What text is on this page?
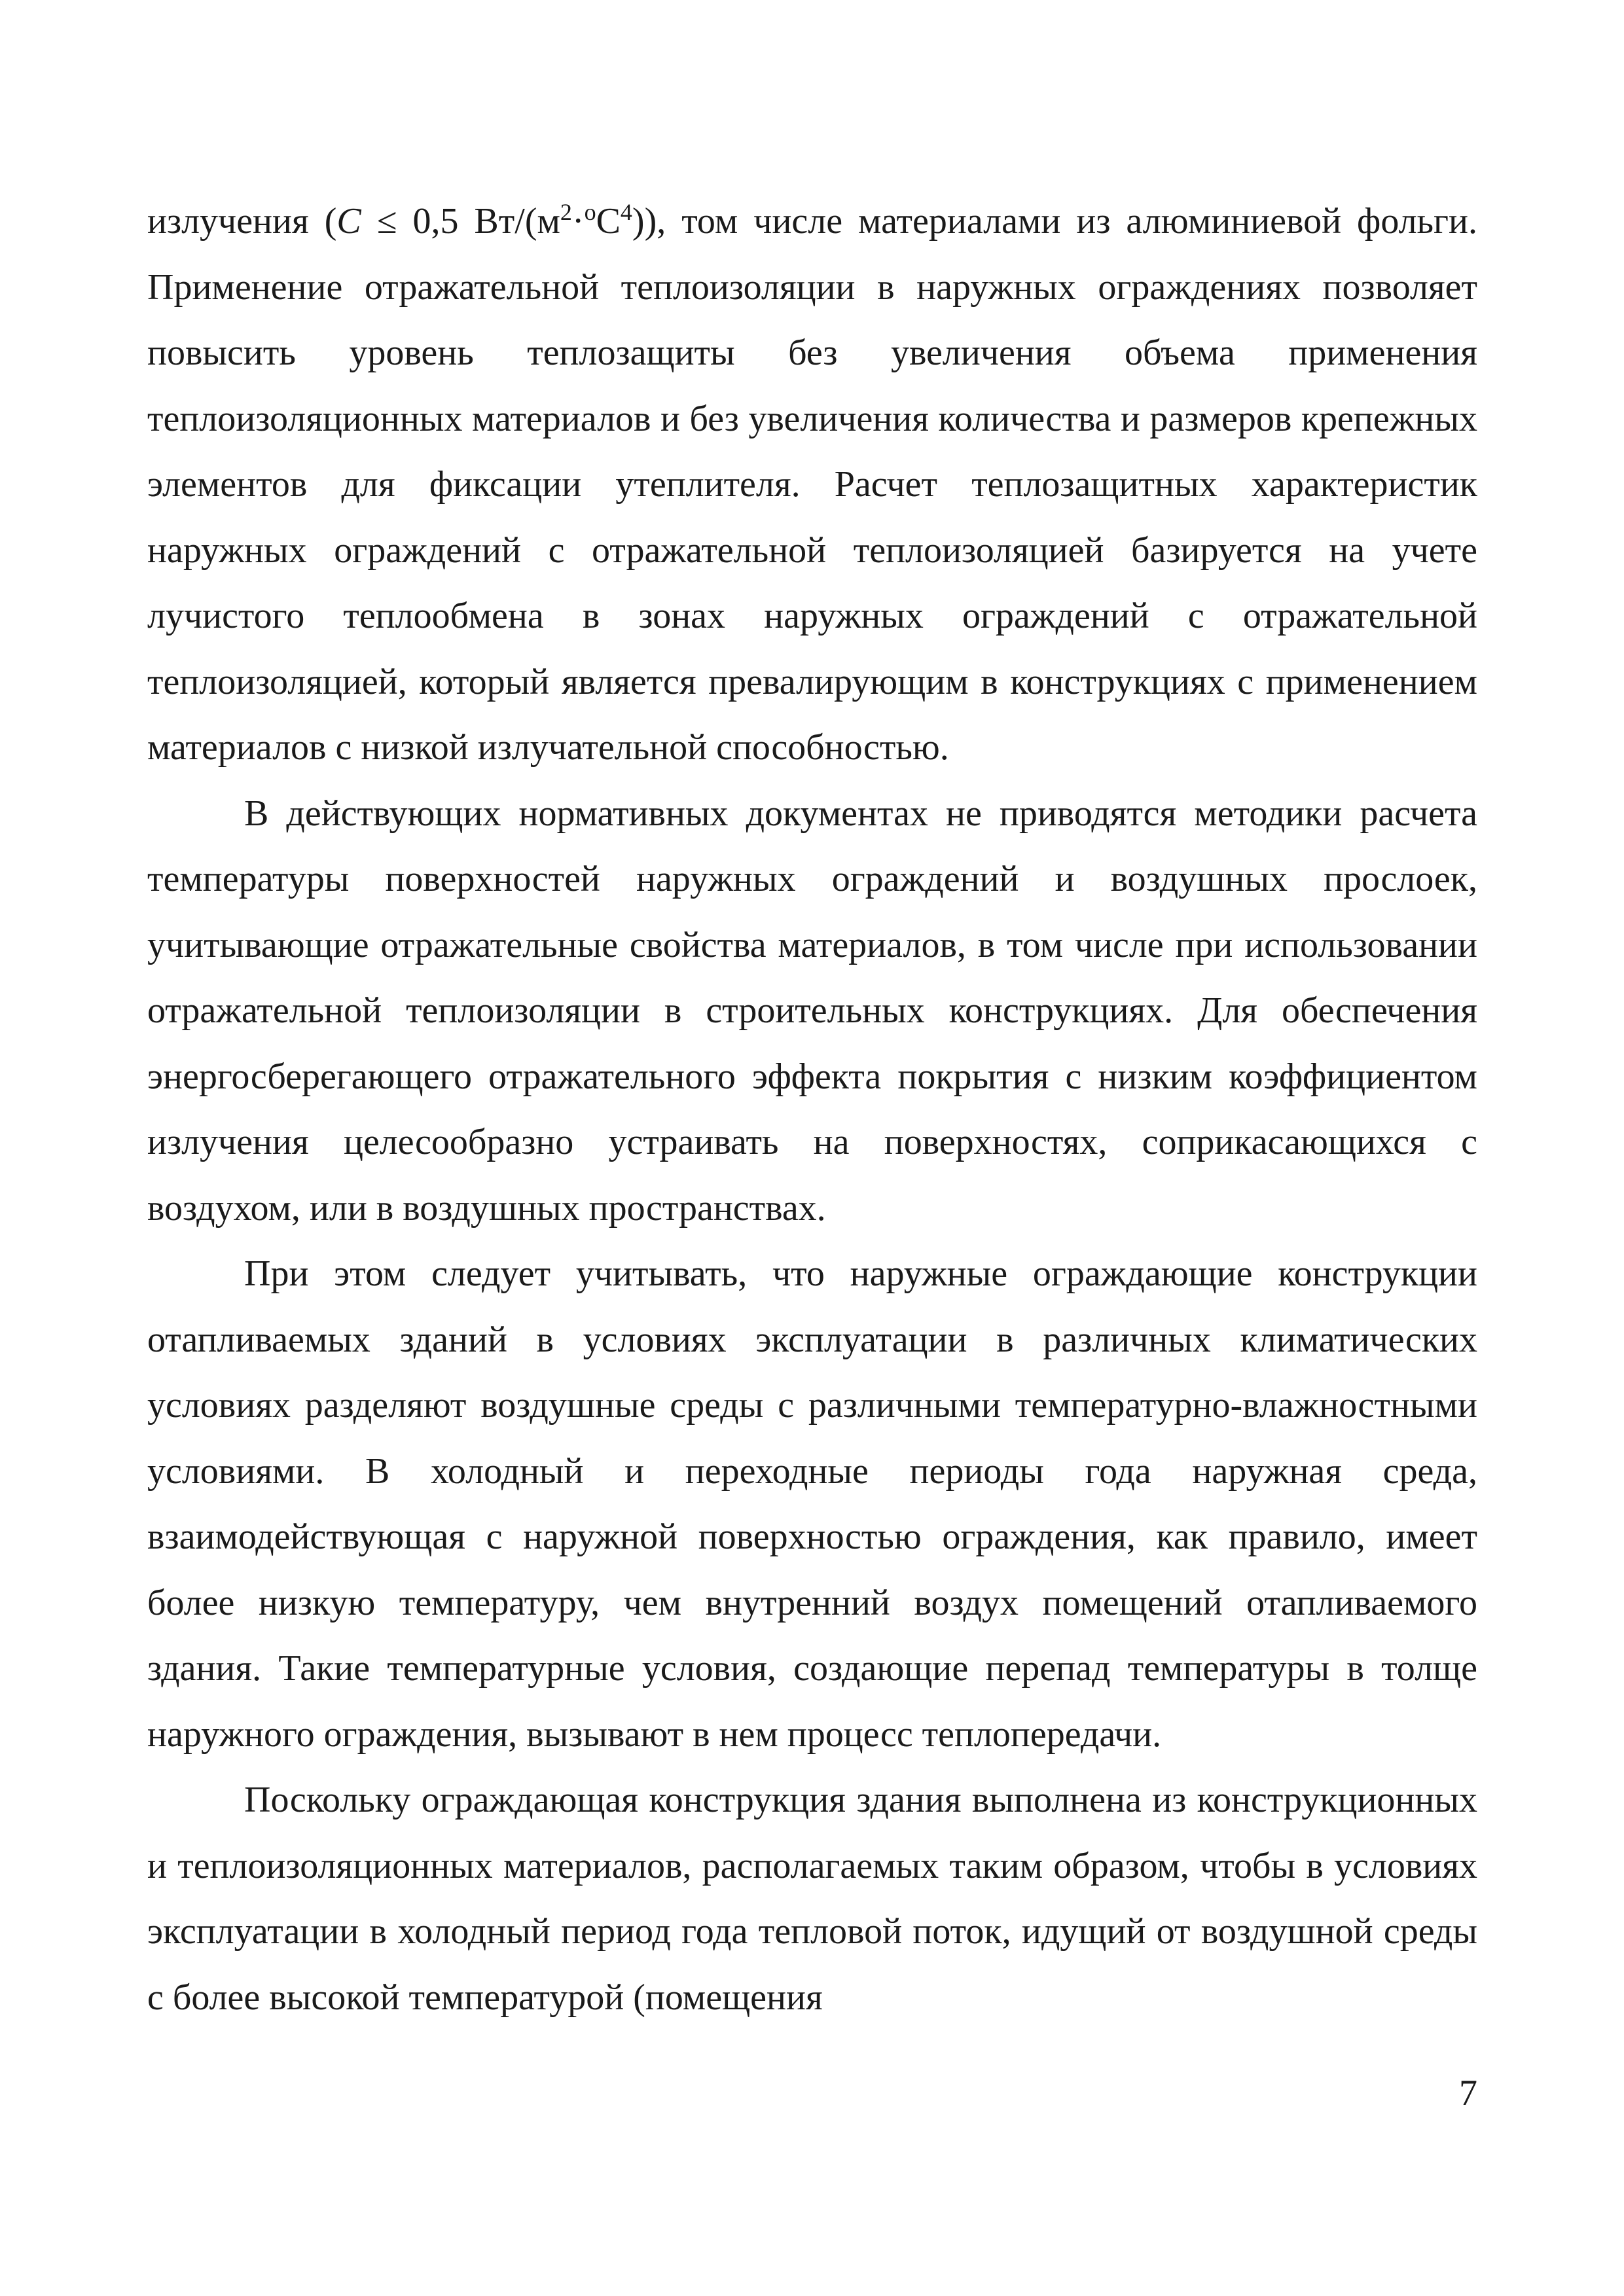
излучения (C ≤ 0,5 $Вт/(м^2\cdot^оC^4)$), том числе материалами из алюминиевой фольги. Применение отражательной теплоизоляции в наружных ограждениях позволяет повысить уровень теплозащиты без увеличения объема применения теплоизоляционных материалов и без увеличения количества и размеров крепежных элементов для фиксации утеплителя. Расчет теплозащитных характеристик наружных ограждений с отражательной теплоизоляцией базируется на учете лучистого теплообмена в зонах наружных ограждений с отражательной теплоизоляцией, который является превалирующим в конструкциях с применением материалов с низкой излучательной способностью.

В действующих нормативных документах не приводятся методики расчета температуры поверхностей наружных ограждений и воздушных прослоек, учитывающие отражательные свойства материалов, в том числе при использовании отражательной теплоизоляции в строительных конструкциях. Для обеспечения энергосберегающего отражательного эффекта покрытия с низким коэффициентом излучения целесообразно устраивать на поверхностях, соприкасающихся с воздухом, или в воздушных пространствах.

При этом следует учитывать, что наружные ограждающие конструкции отапливаемых зданий в условиях эксплуатации в различных климатических условиях разделяют воздушные среды с различными температурно-влажностными условиями. В холодный и переходные периоды года наружная среда, взаимодействующая с наружной поверхностью ограждения, как правило, имеет более низкую температуру, чем внутренний воздух помещений отапливаемого здания. Такие температурные условия, создающие перепад температуры в толще наружного ограждения, вызывают в нем процесс теплопередачи.

Поскольку ограждающая конструкция здания выполнена из конструкционных и теплоизоляционных материалов, располагаемых таким образом, чтобы в условиях эксплуатации в холодный период года тепловой поток, идущий от воздушной среды с более высокой температурой (помещения

7
